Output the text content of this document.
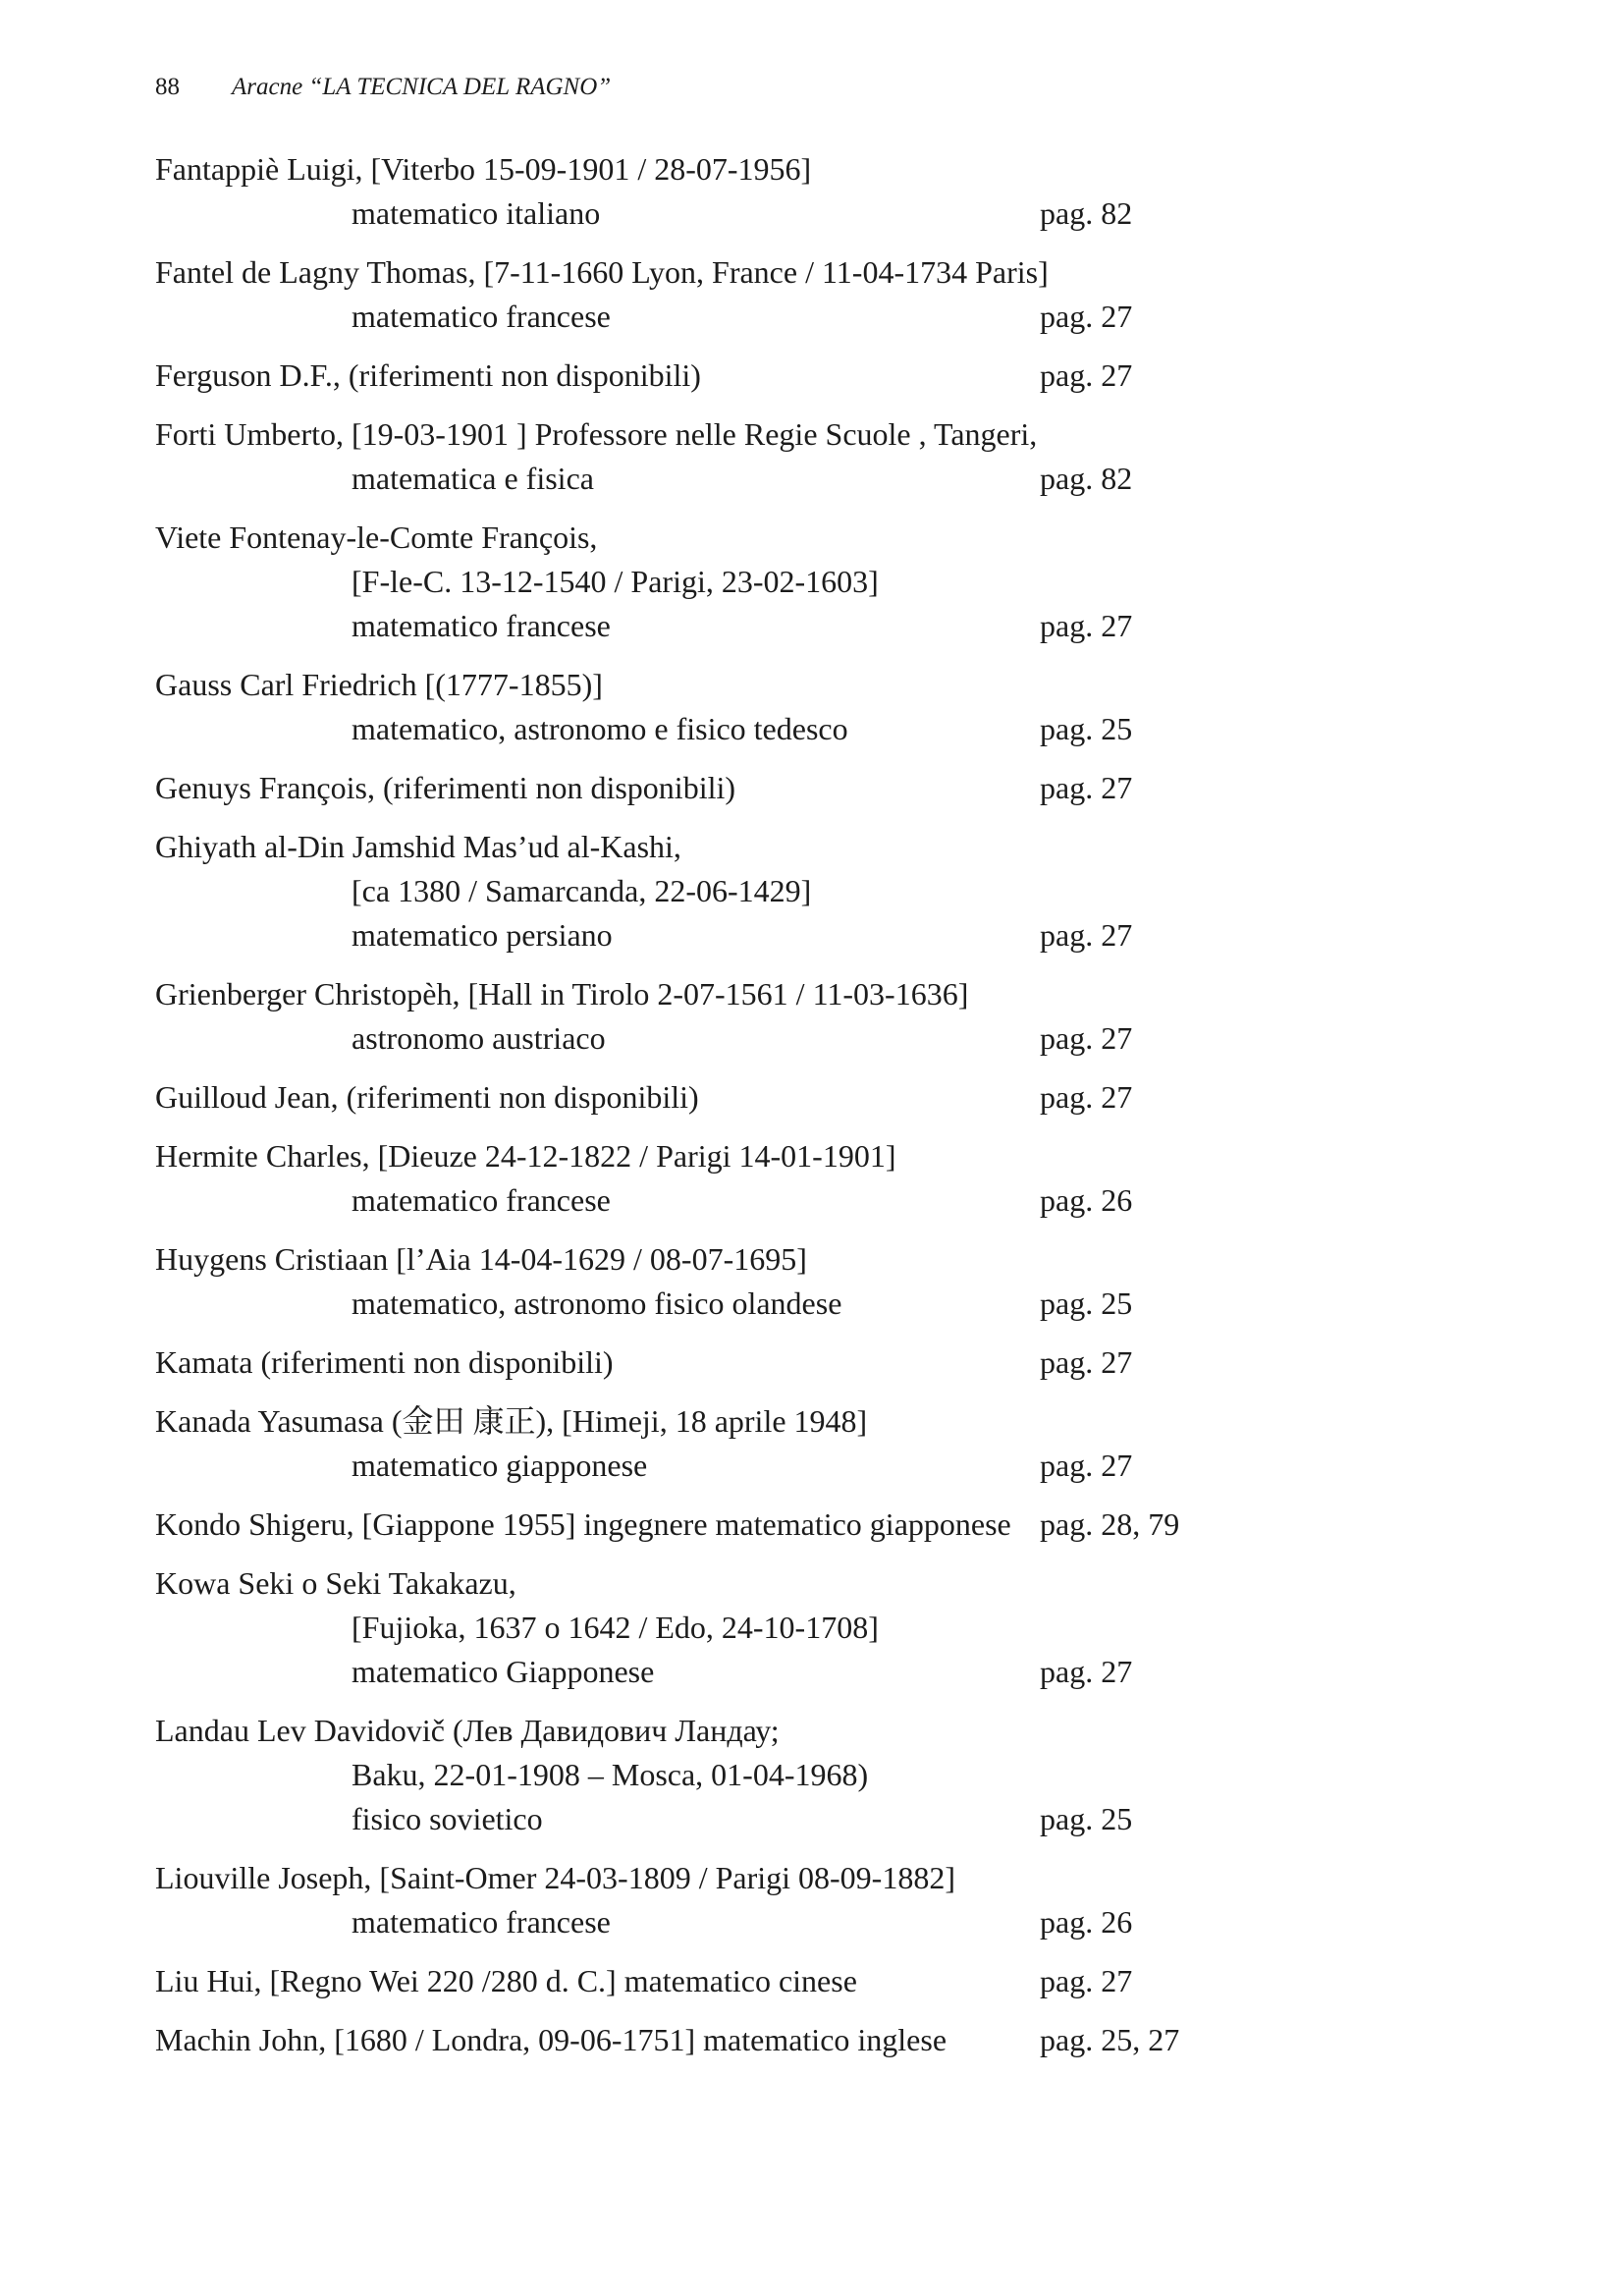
88 Aracne “LA TECNICA DEL RAGNO”
Fantappiè Luigi, [Viterbo 15-09-1901 / 28-07-1956]
matematico italiano	pag. 82
Fantel de Lagny Thomas, [7-11-1660 Lyon, France / 11-04-1734 Paris]
matematico francese	pag. 27
Ferguson D.F., (riferimenti non disponibili)	pag. 27
Forti Umberto, [19-03-1901 ] Professore nelle Regie Scuole , Tangeri,
matematica e fisica	pag. 82
Viete Fontenay-le-Comte François,
[F-le-C. 13-12-1540 / Parigi, 23-02-1603]
matematico francese	pag. 27
Gauss Carl Friedrich [(1777-1855)]
matematico, astronomo e fisico tedesco	pag. 25
Genuys François, (riferimenti non disponibili)	pag. 27
Ghiyath al-Din Jamshid Mas’ud al-Kashi,
[ca 1380 / Samarcanda, 22-06-1429]
matematico persiano	pag. 27
Grienberger Christopèh, [Hall in Tirolo 2-07-1561 / 11-03-1636]
astronomo austriaco	pag. 27
Guilloud Jean, (riferimenti non disponibili)	pag. 27
Hermite Charles, [Dieuze 24-12-1822 / Parigi 14-01-1901]
matematico francese	pag. 26
Huygens Cristiaan [l’Aia 14-04-1629 / 08-07-1695]
matematico, astronomo fisico olandese	pag. 25
Kamata (riferimenti non disponibili)	pag. 27
Kanada Yasumasa (金田 康正), [Himeji, 18 aprile 1948]
matematico giapponese	pag. 27
Kondo Shigeru, [Giappone 1955] ingegnere matematico giapponese pag. 28, 79
Kowa Seki o Seki Takakazu,
[Fujioka, 1637 o 1642 / Edo, 24-10-1708]
matematico Giapponese	pag. 27
Landau Lev Davidovič (Лев Давидович Ландау;
Baku, 22-01-1908 – Mosca, 01-04-1968)
fisico sovietico	pag. 25
Liouville Joseph, [Saint-Omer 24-03-1809 / Parigi 08-09-1882]
matematico francese	pag. 26
Liu Hui, [Regno Wei 220 /280 d. C.] matematico cinese	pag. 27
Machin John, [1680 / Londra, 09-06-1751] matematico inglese	pag. 25, 27
